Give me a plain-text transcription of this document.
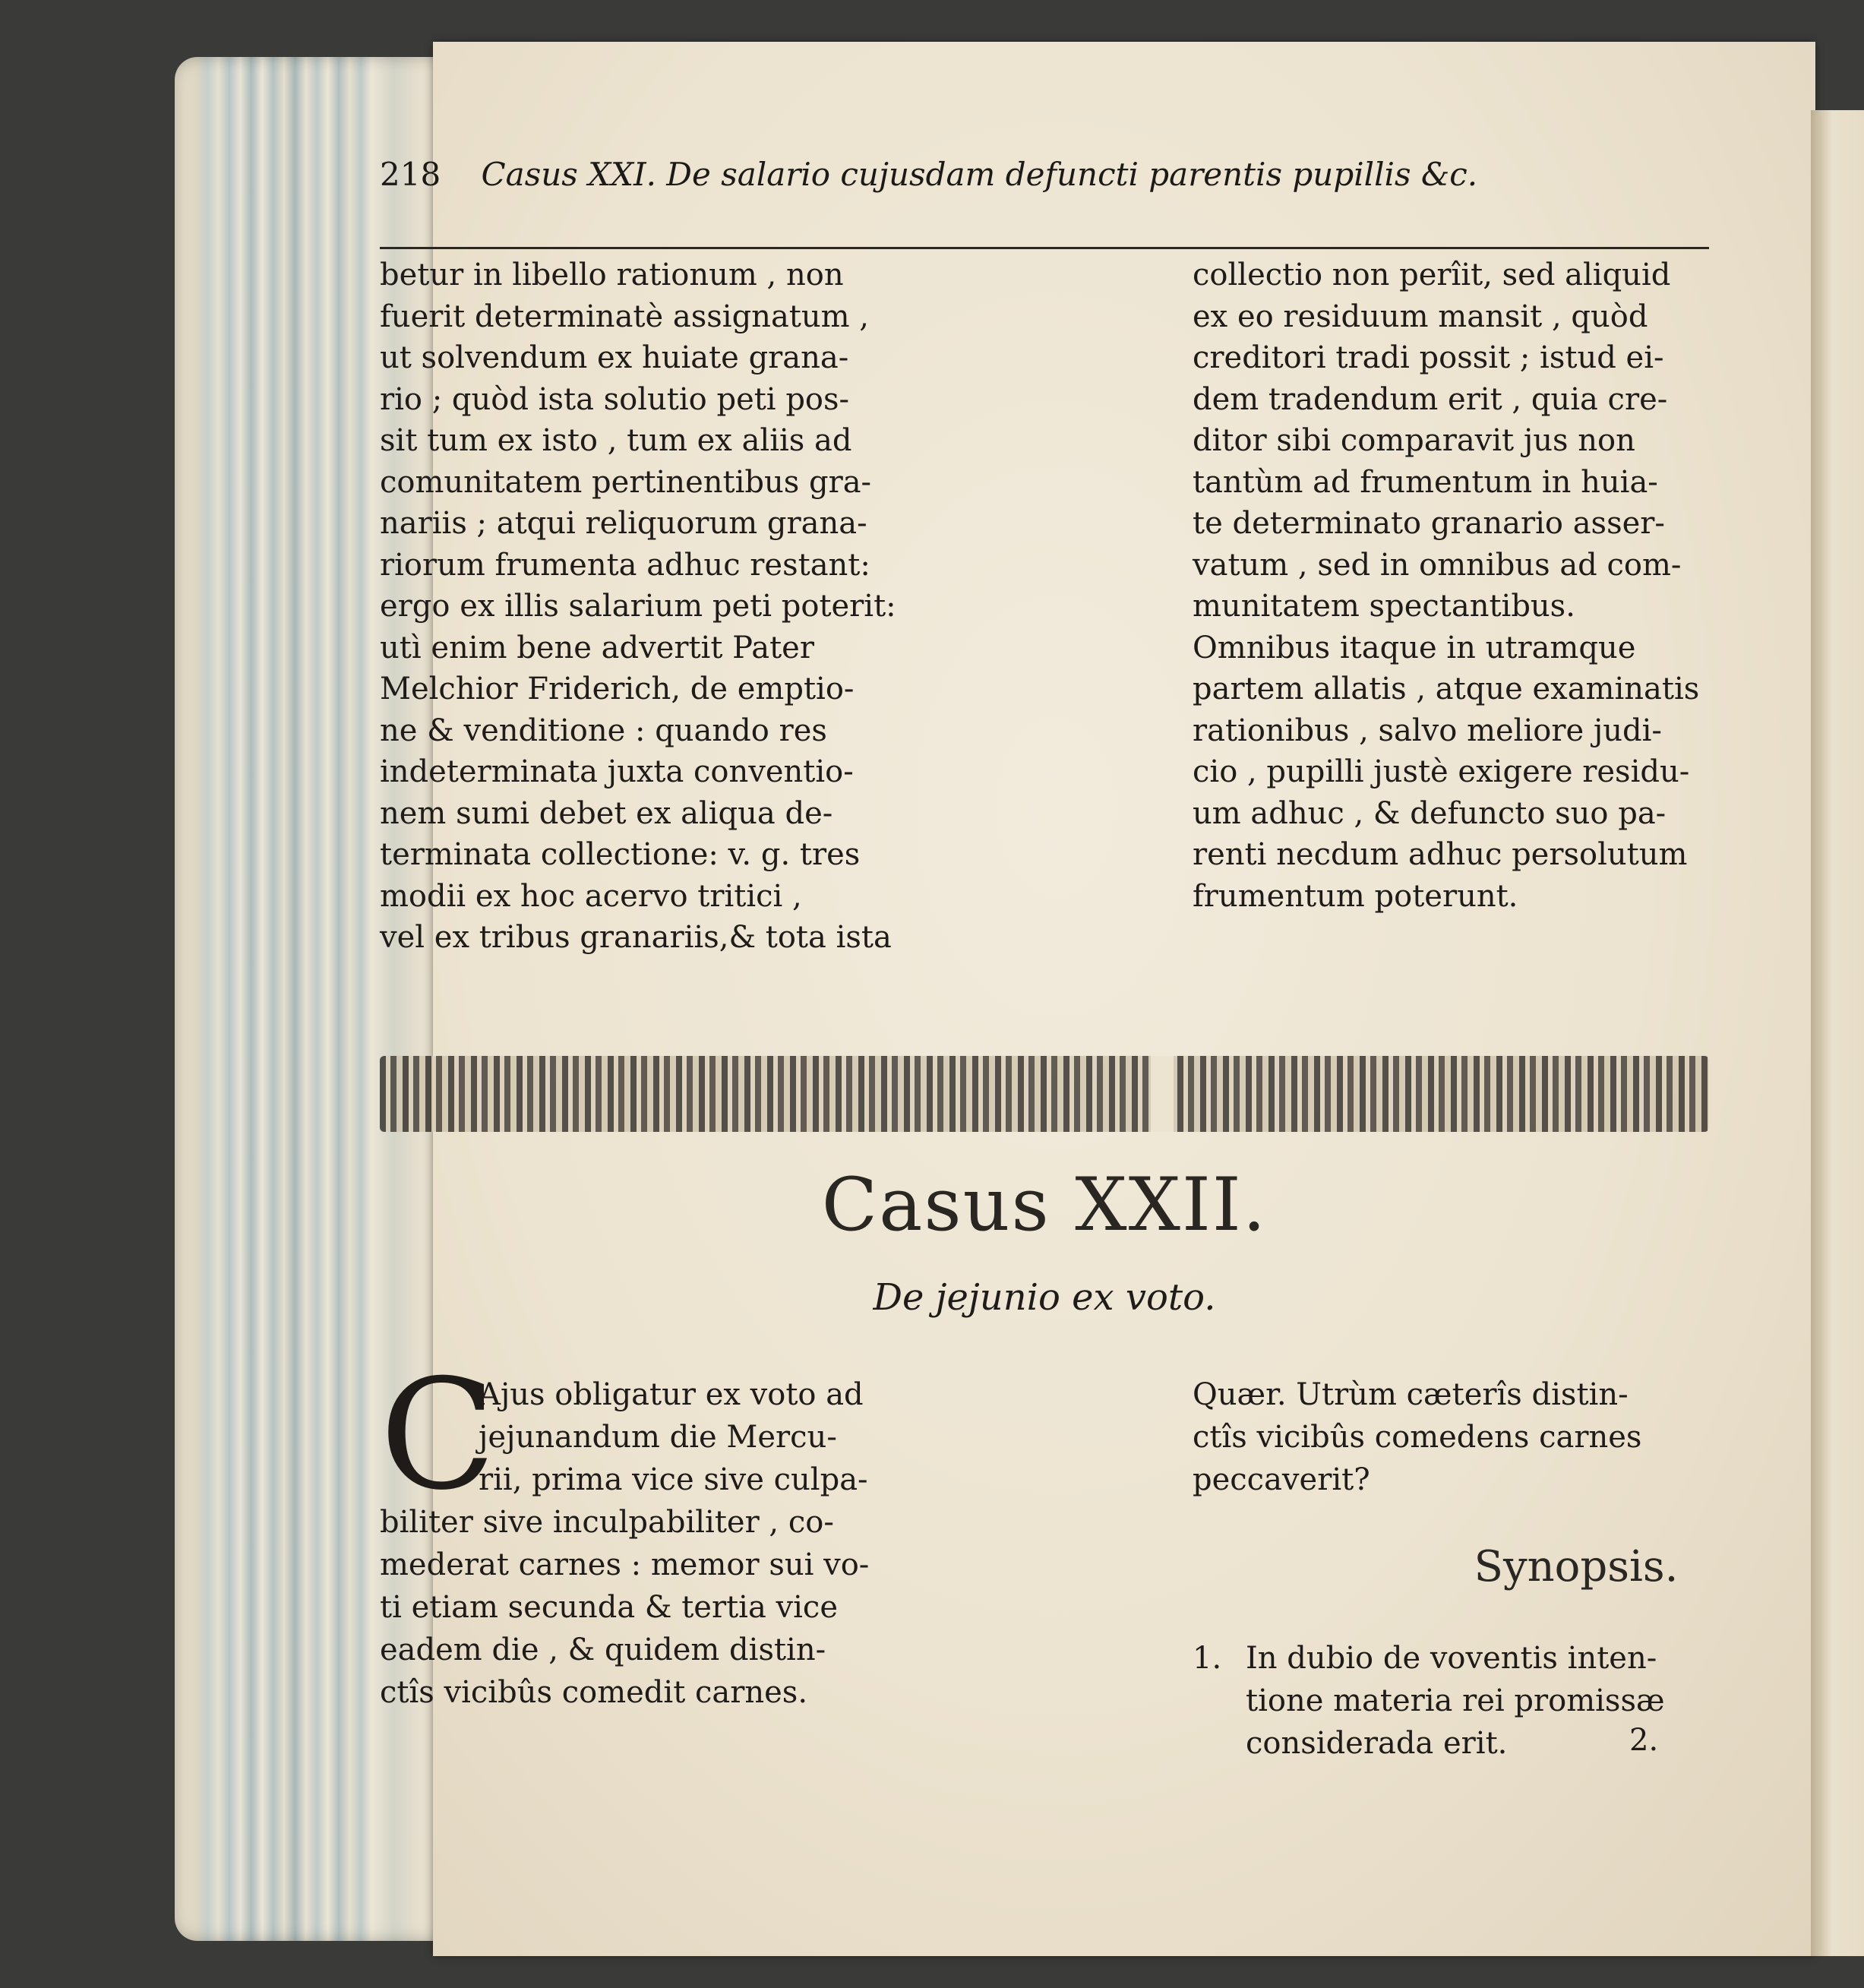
218 Casus XXI. De salario cujusdam defuncti parentis pupillis &c.
betur in libello rationum , non
fuerit determinatè assignatum ,
ut solvendum ex huiate grana-
rio ; quòd ista solutio peti pos-
sit tum ex isto , tum ex aliis ad
comunitatem pertinentibus gra-
nariis ; atqui reliquorum grana-
riorum frumenta adhuc restant:
ergo ex illis salarium peti poterit:
utì enim bene advertit Pater
Melchior Friderich, de emptio-
ne & venditione : quando res
indeterminata juxta conventio-
nem sumi debet ex aliqua de-
terminata collectione: v. g. tres
modii ex hoc acervo tritici ,
vel ex tribus granariis,& tota ista
collectio non perîit, sed aliquid
ex eo residuum mansit , quòd
creditori tradi possit ; istud ei-
dem tradendum erit , quia cre-
ditor sibi comparavit jus non
tantùm ad frumentum in huia-
te determinato granario asser-
vatum , sed in omnibus ad com-
munitatem spectantibus.
Omnibus itaque in utramque
partem allatis , atque examinatis
rationibus , salvo meliore judi-
cio , pupilli justè exigere residu-
um adhuc , & defuncto suo pa-
renti necdum adhuc persolutum
frumentum poterunt.
Casus XXII.
De jejunio ex voto.
C
Ajus obligatur ex voto ad
jejunandum die Mercu-
rii, prima vice sive culpa-
biliter sive inculpabiliter , co-
mederat carnes : memor sui vo-
ti etiam secunda & tertia vice
eadem die , & quidem distin-
ctîs vicibûs comedit carnes.
Quær. Utrùm cæterîs distin-
ctîs vicibûs comedens carnes
peccaverit?
Synopsis.
1. In dubio de voventis inten-
tione materia rei promissæ
considerada erit.	2.
